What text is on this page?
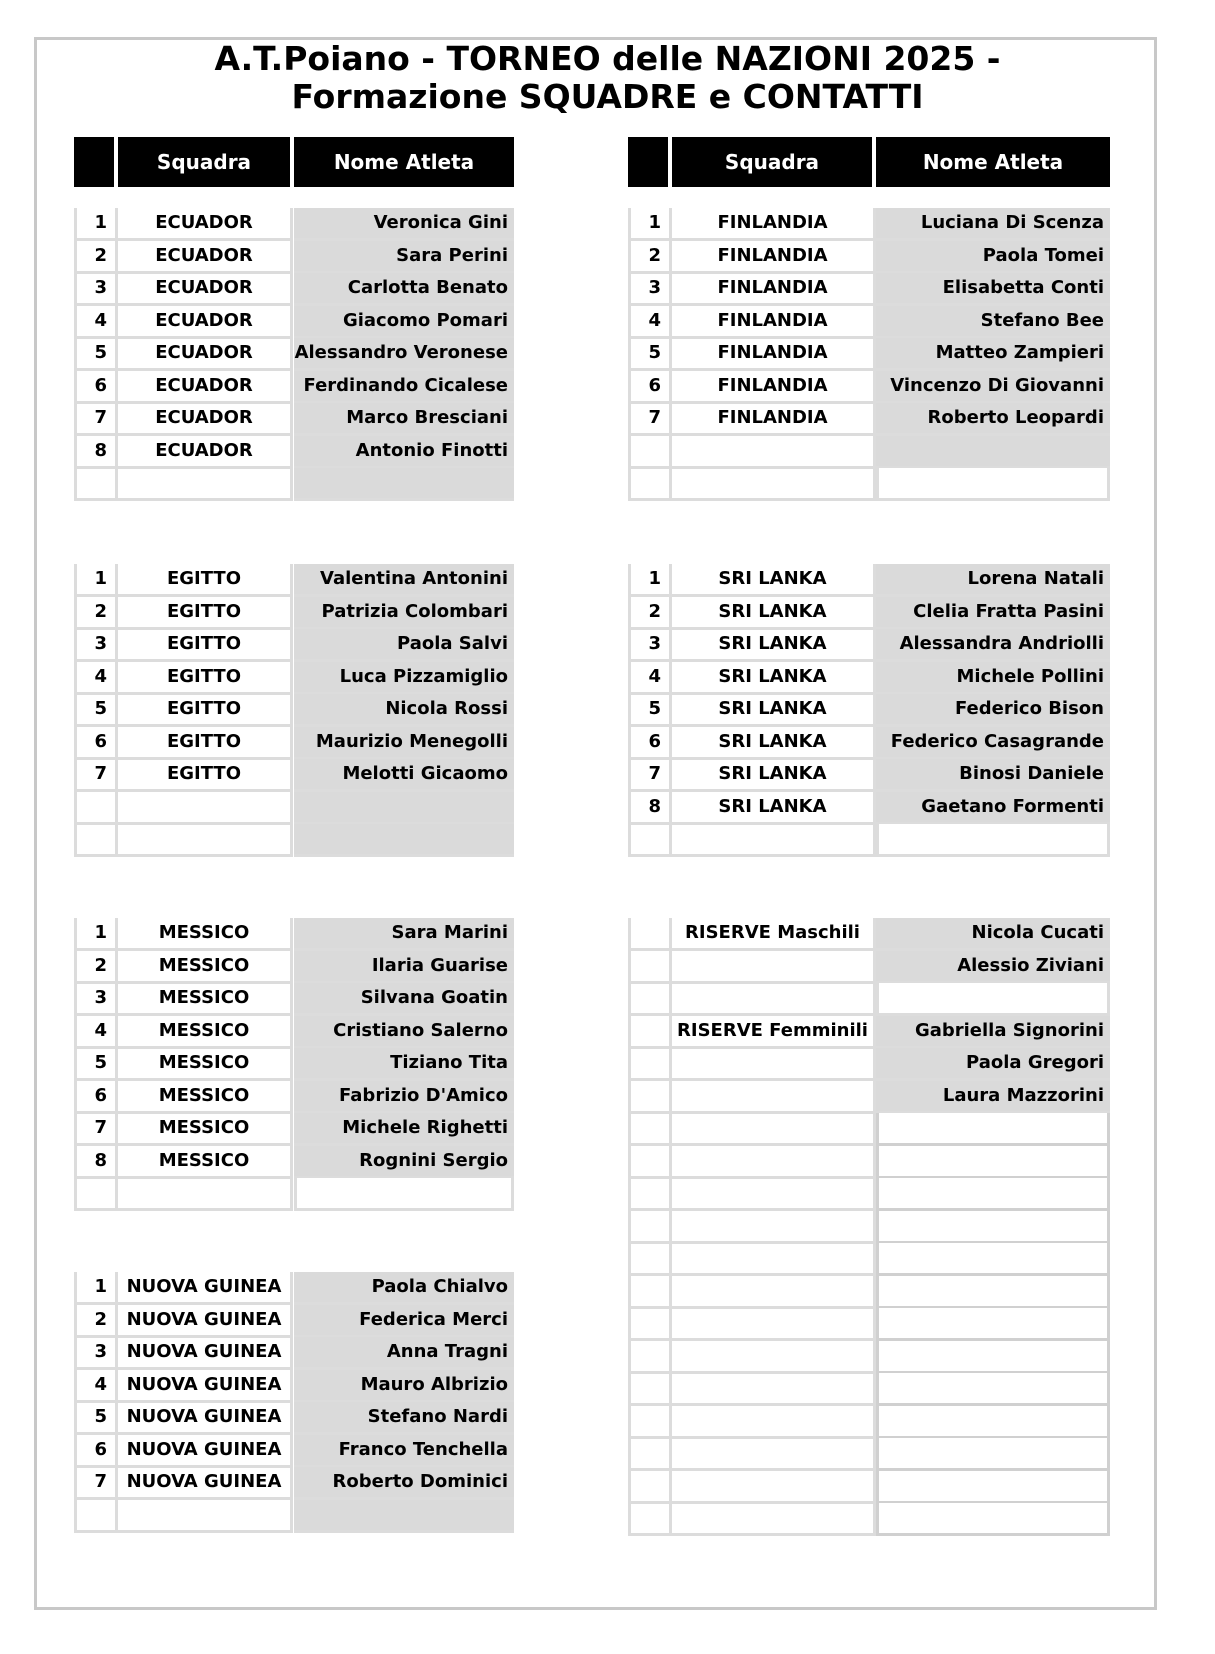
A.T.Poiano - TORNEO delle NAZIONI 2025 -
Formazione SQUADRE e CONTATTI
Squadra	Nome Atleta	Squadra	Nome Atleta
1	ECUADOR	Veronica Gini
2	ECUADOR	Sara Perini
3	ECUADOR	Carlotta Benato
4	ECUADOR	Giacomo Pomari
5	ECUADOR	Alessandro Veronese
6	ECUADOR	Ferdinando Cicalese
7	ECUADOR	Marco Bresciani
8	ECUADOR	Antonio Finotti
1	EGITTO	Valentina Antonini
2	EGITTO	Patrizia Colombari
3	EGITTO	Paola Salvi
4	EGITTO	Luca Pizzamiglio
5	EGITTO	Nicola Rossi
6	EGITTO	Maurizio Menegolli
7	EGITTO	Melotti Gicaomo
1	MESSICO	Sara Marini
2	MESSICO	Ilaria Guarise
3	MESSICO	Silvana Goatin
4	MESSICO	Cristiano Salerno
5	MESSICO	Tiziano Tita
6	MESSICO	Fabrizio D'Amico
7	MESSICO	Michele Righetti
8	MESSICO	Rognini Sergio
1	NUOVA GUINEA	Paola Chialvo
2	NUOVA GUINEA	Federica Merci
3	NUOVA GUINEA	Anna Tragni
4	NUOVA GUINEA	Mauro Albrizio
5	NUOVA GUINEA	Stefano Nardi
6	NUOVA GUINEA	Franco Tenchella
7	NUOVA GUINEA	Roberto Dominici
1	FINLANDIA	Luciana Di Scenza
2	FINLANDIA	Paola Tomei
3	FINLANDIA	Elisabetta Conti
4	FINLANDIA	Stefano Bee
5	FINLANDIA	Matteo Zampieri
6	FINLANDIA	Vincenzo Di Giovanni
7	FINLANDIA	Roberto Leopardi
1	SRI LANKA	Lorena Natali
2	SRI LANKA	Clelia Fratta Pasini
3	SRI LANKA	Alessandra Andriolli
4	SRI LANKA	Michele Pollini
5	SRI LANKA	Federico Bison
6	SRI LANKA	Federico Casagrande
7	SRI LANKA	Binosi Daniele
8	SRI LANKA	Gaetano Formenti
RISERVE Maschili	Nicola Cucati
Alessio Ziviani
RISERVE Femminili	Gabriella Signorini
Paola Gregori
Laura Mazzorini
